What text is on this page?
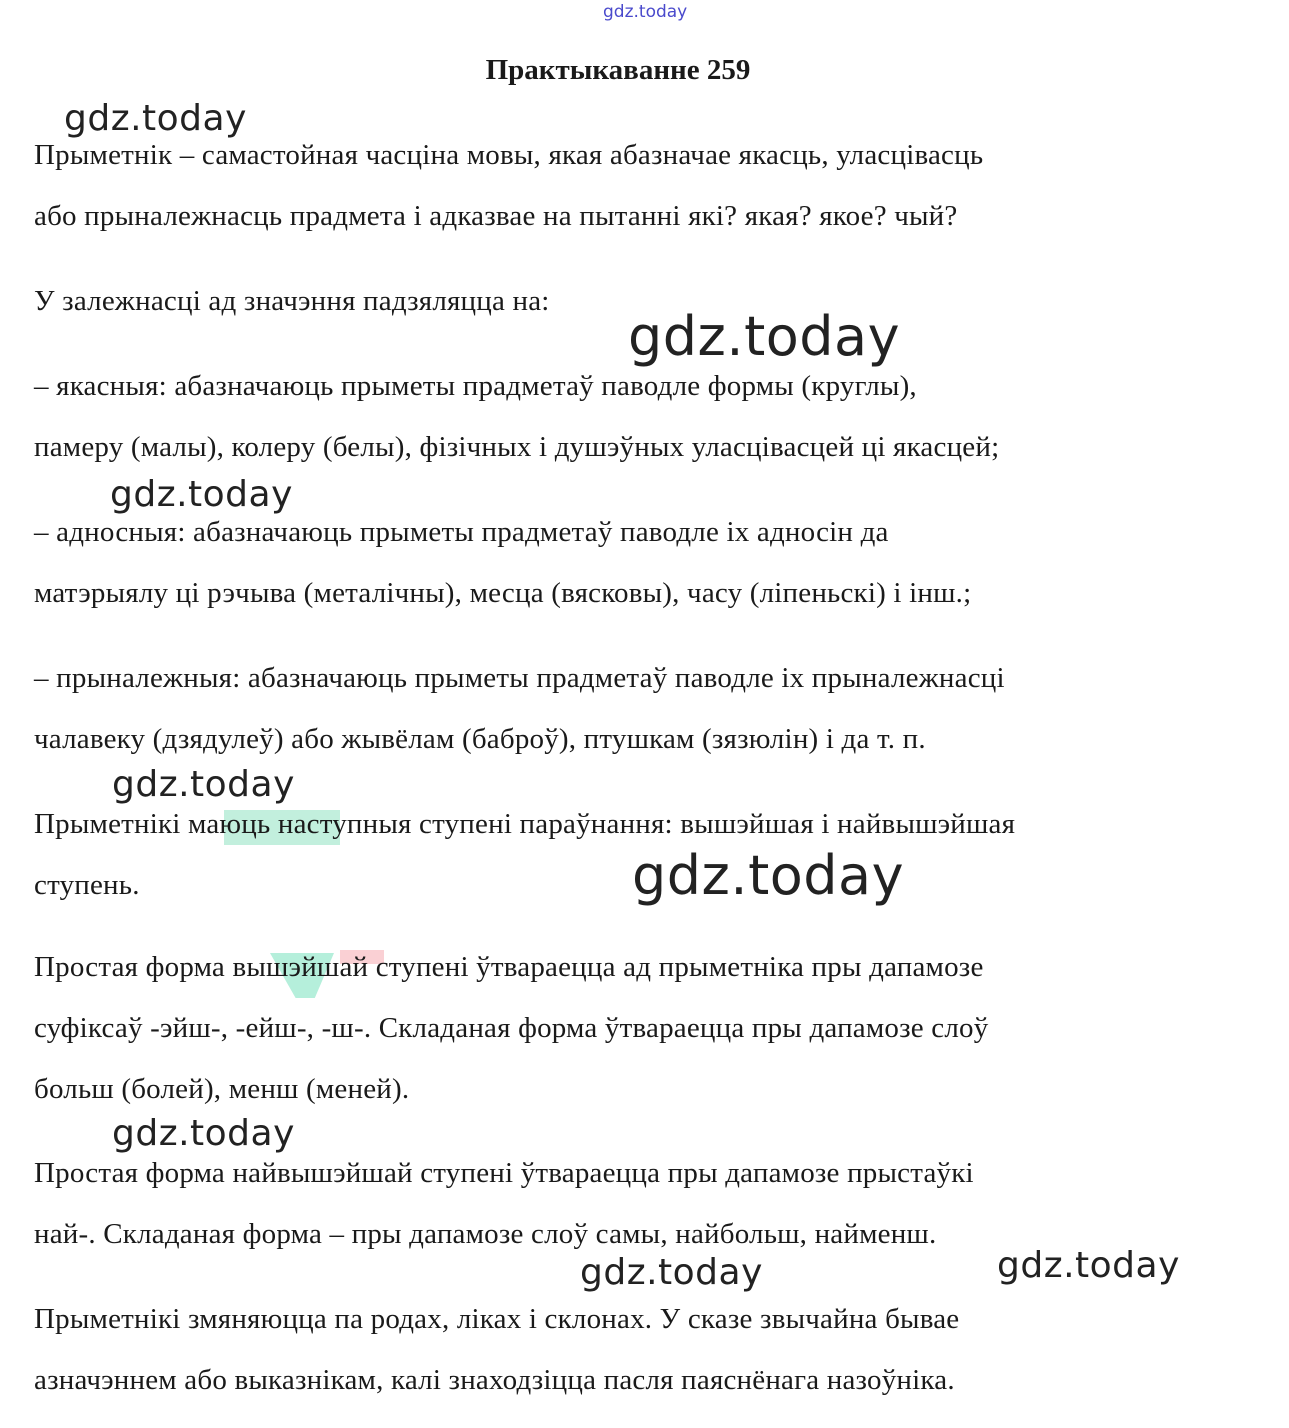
gdz.today
gdz.today
gdz.today
gdz.today
gdz.today
gdz.today
gdz.today
gdz.today	gdz.today
Практыкаванне 259
Прыметнік – самастойная часціна мовы, якая абазначае якасць, уласцівасць
або прыналежнасць прадмета і адказвае на пытанні які? якая? якое? чый?
У залежнасці ад значэння падзяляцца на:
– якасныя: абазначаюць прыметы прадметаў паводле формы (круглы),
памеру (малы), колеру (белы), фізічных і душэўных уласцівасцей ці якасцей;
– адносныя: абазначаюць прыметы прадметаў паводле іх адносін да
матэрыялу ці рэчыва (металічны), месца (вясковы), часу (ліпеньскі) і інш.;
– прыналежныя: абазначаюць прыметы прадметаў паводле іх прыналежнасці
чалавеку (дзядулеў) або жывёлам (баброў), птушкам (зязюлін) і да т. п.
Прыметнікі маюць наступныя ступені параўнання: вышэйшая і найвышэйшая
ступень.
Простая форма вышэйшай ступені ўтвараецца ад прыметніка пры дапамозе
суфіксаў -эйш-, -ейш-, -ш-. Складаная форма ўтвараецца пры дапамозе слоў
больш (болей), менш (меней).
Простая форма найвышэйшай ступені ўтвараецца пры дапамозе прыстаўкі
най-. Складаная форма – пры дапамозе слоў самы, найбольш, найменш.
Прыметнікі змяняюцца па родах, ліках і склонах. У сказе звычайна бывае
азначэннем або выказнікам, калі знаходзіцца пасля паяснёнага назоўніка.
